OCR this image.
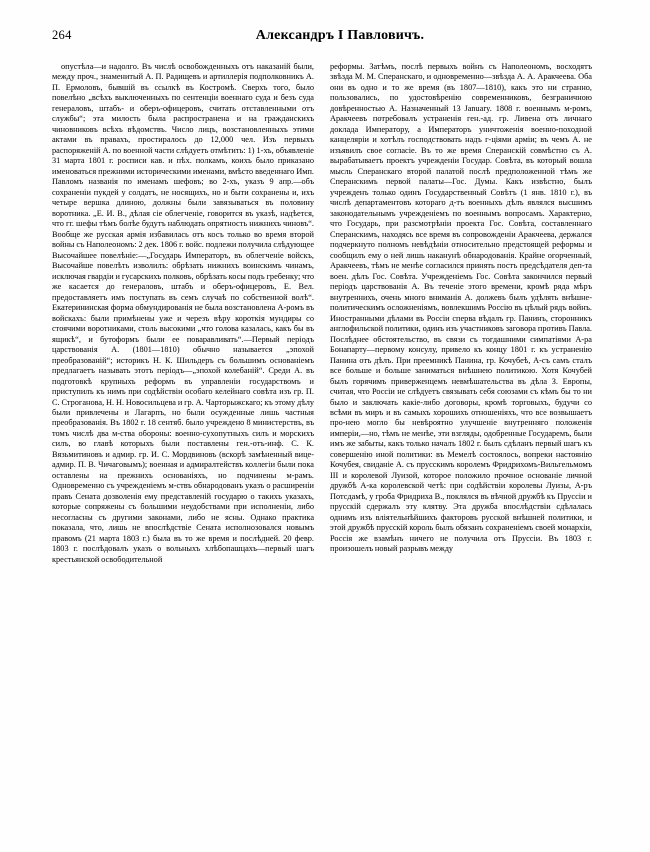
264	Александръ I Павловичъ.

опустѣла—и надолго. Въ числѣ освобожденныхъ отъ наказаній были, между проч., знаменитый А. П. Радищевъ и артиллерія подполковникъ А. П. Ермоловъ, бывшій въ ссылкѣ въ Костромѣ. Сверхъ того, было повелѣно „всѣхъ выключенныхъ по сентенціи военнаго суда и безъ суда генераловъ, штабъ- и оберъ-офицеровъ, считать отставленными отъ службы“; эта милость была распространена и на гражданскихъ чиновниковъ всѣхъ вѣдомствъ. Число лицъ, возстановленныхъ этими актами въ правахъ, простиралось до 12,000 чел. Изъ первыхъ распоряженій А. по военной части слѣдуетъ отмѣтить: 1) 1-хъ, объявленіе 31 марта 1801 г. росписи кав. и пѣх. полкамъ, коихъ было приказано именоваться прежними историческими именами, вмѣсто введеннаго Имп. Павломъ названія по именамъ шефовъ; во 2-хъ, указъ 9 апр.—объ сохраненіи пукдей у солдатъ, не носящихъ, но и быти сохранены и, ихъ четыре вершка длиною, должны были завязываться въ половину воротника. „Е. И. В., дѣлая сіе облегченіе, говорится въ указѣ, надѣется, что гг. шефы тѣмъ болѣе будутъ наблюдать опрятность нижнихъ чиновъ“. Вообще же русская армія избавилась отъ косъ только во время второй войны съ Наполеономъ: 2 дек. 1806 г. войс. подлежи получила слѣдующее Высочайшее повелѣніе:—„Государь Императоръ, въ облегченіе войскъ, Высочайше повелѣть изволилъ: обрѣзать нижнихъ воинскимъ чинамъ, исключая гвардіи и гусарскихъ полковъ, обрѣзать косы подъ гребенку; что же касается до генераловъ, штабъ и оберъ-офицеровъ, Е. Вел. предоставляетъ имъ поступать въ семъ случаѣ по собственной волѣ“. Екатерининская форма обмундированія не была возстановлена А-ромъ въ войскахъ: были примѣнены уже и черезъ вѣру короткія мундиры со стоячими воротниками, столь высокими „что голова казалась, какъ бы въ ящикѣ“, и бутоформъ были ее поваравливать“.—Первый періодъ царствованія А. (1801—1810) обычно называется „эпохой преобразованій“; историкъ Н. К. Шильдеръ съ большимъ основаніемъ предлагаетъ называть этотъ періодъ—„эпохой колебаній“. Среди А. въ подготовкѣ крупныхъ реформъ въ управленіи государствомъ и приступилъ къ нимъ при содѣйствіи особаго келейнаго совѣта изъ гр. П. С. Строганова, Н. Н. Новосильцева и гр. А. Чарторыжскаго; къ этому дѣлу были привлечены и Лагарпъ, но были осужденные лишь частныя преобразованія. Въ 1802 г. 18 сентяб. было учреждено 8 министерствъ, въ томъ числѣ два м-ства обороны: военно-сухопутныхъ силъ и морскихъ силъ, во главѣ которыхъ были поставлены ген.-отъ-инф. С. К. Вязьмитиновъ и адмир. гр. И. С. Мордвиновъ (вскорѣ замѣненный вице-адмир. П. В. Чичаговымъ); военная и адмиралтействъ коллегіи были пока оставлены на прежнихъ основаніяхъ, но подчинены м-рамъ. Одновременно съ учрежденіемъ м-ствъ обнародованъ указъ о расширеніи правъ Сената дозволенія ему представленій государю о такихъ указахъ, которые сопряжены съ большими неудобствами при исполненіи, либо несогласны съ другими законами, либо не ясны. Однако практика показала, что, лишь не впослѣдствіе Сената исполнозовался новымъ правомъ (21 марта 1803 г.) была въ то же время и послѣдней. 20 февр. 1803 г. послѣдовалъ указъ о вольныхъ хлѣбопашцахъ—первый шагъ крестьянской освободительной

реформы. Затѣмъ, послѣ первыхъ войнъ съ Наполеономъ, восходятъ звѣзда М. М. Сперанскаго, и одновременно—звѣзда А. А. Аракчеева. Оба они въ одно и то же время (въ 1807—1810), какъ это ни странно, пользовались, по удостовѣренію современниковъ, безграничною довѣренностью А. Назначенный 13 January. 1808 г. военнымъ м-ромъ, Аракчеевъ потребовалъ устраненія ген.-ад. гр. Ливена отъ личнаго доклада Императору, а Императоръ уничтоженія военно-походной канцеляріи и хотѣлъ господствовать надъ г-ціями арміи; въ чемъ А. не изъявилъ свое согласіе. Въ то же время Сперанскій совмѣстно съ А. вырабатываетъ проектъ учрежденіи Государ. Совѣта, въ который вошла мысль Сперанскаго второй палатой послѣ предположенной тѣмъ же Сперанскимъ первой палаты—Гос. Думы. Какъ извѣстно, былъ учрежденъ только одинъ Государственный Совѣтъ (1 янв. 1810 г.), въ числѣ департаментовъ котораго д-тъ военныхъ дѣлъ являлся высшимъ законодательнымъ учрежденіемъ по военнымъ вопросамъ. Характерно, что Государь, при разсмотрѣніи проекта Гос. Совѣта, составленнаго Сперанскимъ, находясь все время въ сопровожденіи Аракчеева, держался подчеркнуто полномъ невѣдѣніи относительно предстоящей реформы и сообщилъ ему о ней лишь наканунѣ обнародованія. Крайне огорченный, Аракчеевъ, тѣмъ не менѣе согласился принять постъ предсѣдателя деп-та воен. дѣлъ Гос. Совѣта. Учрежденіемъ Гос. Совѣта закончился первый періодъ царствованія А. Въ теченіе этого времени, кромѣ ряда мѣръ внутреннихъ, очень много вниманія А. должевъ былъ удѣлять внѣшне-политическимъ осложненіямъ, вовлекшимъ Россію въ цѣлый рядъ войнъ. Иностранными дѣлами въ Россіи сперва вѣдалъ гр. Панинъ, сторонникъ англофильской политики, одинъ изъ участниковъ заговора противъ Павла. Послѣднее обстоятельство, въ связи съ тогдашними симпатіями А-ра Бонапарту—первому консулу, привело къ концу 1801 г. къ устраненію Панина отъ дѣлъ. При преемникѣ Панина, гр. Кочубеѣ, А-съ самъ сталъ все больше и больше заниматься внѣшнею политикою. Хотя Кочубей былъ горячимъ приверженцемъ невмѣшательства въ дѣла З. Европы, считая, что Россіи не слѣдуетъ связывать себя союзами съ кѣмъ бы то ни было и заключать какіе-либо договоры, кромѣ торговыхъ, будучи со всѣми въ миръ и въ самыхъ хорошихъ отношеніяхъ, что все возвышаетъ про-нею могло бы невѣроятно улучшеніе внутренняго положенія имперіи,—но, тѣмъ не менѣе, эти взгляды, одобренные Государемъ, были имъ же забыты, какъ только началъ 1802 г. былъ сдѣланъ первый шагъ къ совершенію иной политики: въ Мемелѣ состоялось, вопреки настоянію Кочубея, свиданіе А. съ прусскимъ королемъ Фридрихомъ-Вильгельмомъ III и королевой Луизой, которое положило прочное основаніе личной дружбѣ А-ка королевской четѣ: при содѣйствіи королевы Луизы, А-ръ Потсдамѣ, у гроба Фридриха В., поклялся въ вѣчной дружбѣ къ Пруссіи и прусскій сдержалъ эту клятву. Эта дружба впослѣдствіи сдѣлалась однимъ изъ вліятельнѣйшихъ факторовъ русской внѣшней политики, и этой дружбѣ прусскій король былъ обязанъ сохраненіемъ своей монархіи, Россія же взамѣнъ ничего не получила отъ Пруссіи. Въ 1803 г. произошелъ новый разрывъ между
